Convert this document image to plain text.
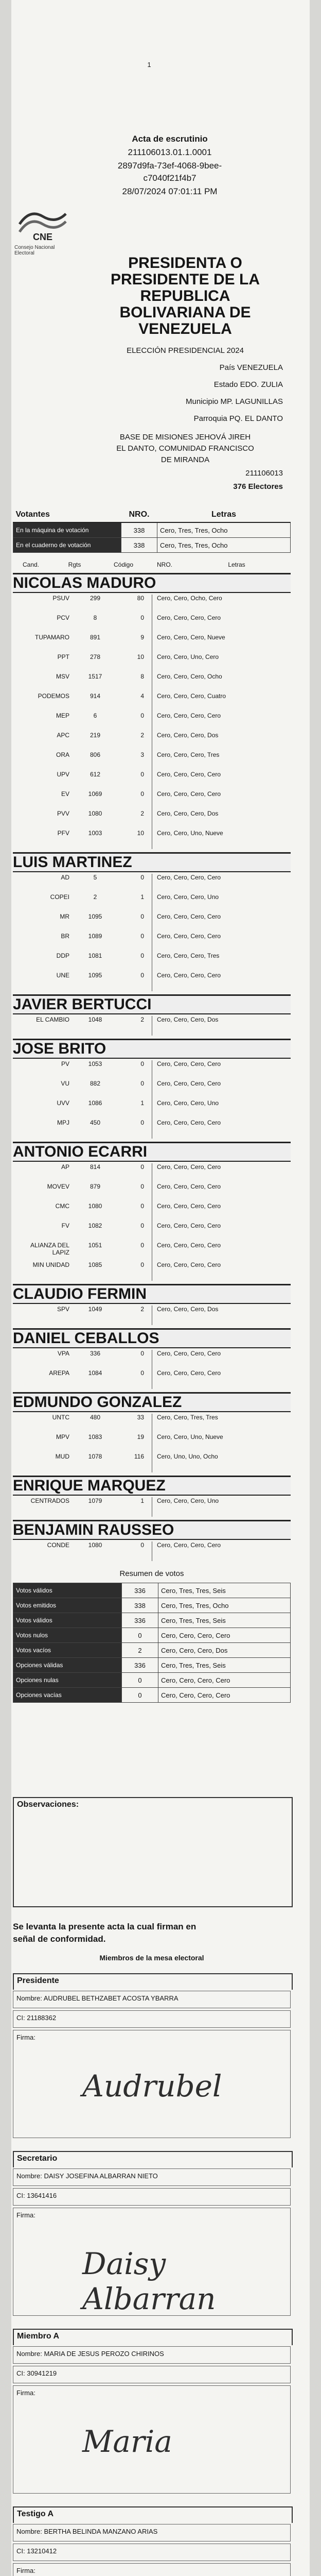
1
Acta de escrutinio
211106013.01.1.0001
2897d9fa-73ef-4068-9bee-
c7040f21f4b7
28/07/2024 07:01:11 PM
CNE
Consejo Nacional Electoral
PRESIDENTA O
PRESIDENTE DE LA
REPUBLICA
BOLIVARIANA DE
VENEZUELA
ELECCIÓN PRESIDENCIAL 2024
País VENEZUELA
Estado EDO. ZULIA
Municipio MP. LAGUNILLAS
Parroquia PQ. EL DANTO
BASE DE MISIONES JEHOVÁ JIREH
EL DANTO, COMUNIDAD FRANCISCO
DE MIRANDA
211106013
376 Electores
Votantes	NRO.	Letras
En la máquina de votación	338	Cero, Tres, Tres, Ocho
En el cuaderno de votación	338	Cero, Tres, Tres, Ocho
Cand.	Rgts	Código	NRO.	Letras
NICOLAS MADURO
PSUV	299	80 Cero, Cero, Ocho, Cero
PCV	8	0 Cero, Cero, Cero, Cero
TUPAMARO	891	9 Cero, Cero, Cero, Nueve
PPT	278	10 Cero, Cero, Uno, Cero
MSV	1517	8 Cero, Cero, Cero, Ocho
PODEMOS	914	4 Cero, Cero, Cero, Cuatro
MEP	6	0 Cero, Cero, Cero, Cero
APC	219	2 Cero, Cero, Cero, Dos
ORA	806	3 Cero, Cero, Cero, Tres
UPV	612	0 Cero, Cero, Cero, Cero
EV	1069	0 Cero, Cero, Cero, Cero
PVV	1080	2 Cero, Cero, Cero, Dos
PFV	1003	10 Cero, Cero, Uno, Nueve
LUIS MARTINEZ
AD	5	0 Cero, Cero, Cero, Cero
COPEI	2	1 Cero, Cero, Cero, Uno
MR	1095	0 Cero, Cero, Cero, Cero
BR	1089	0 Cero, Cero, Cero, Cero
DDP	1081	0 Cero, Cero, Cero, Tres
UNE	1095	0 Cero, Cero, Cero, Cero
JAVIER BERTUCCI
EL CAMBIO	1048	2 Cero, Cero, Cero, Dos
JOSE BRITO
PV	1053	0 Cero, Cero, Cero, Cero
VU	882	0 Cero, Cero, Cero, Cero
UVV	1086	1 Cero, Cero, Cero, Uno
MPJ	450	0 Cero, Cero, Cero, Cero
ANTONIO ECARRI
AP	814	0 Cero, Cero, Cero, Cero
MOVEV	879	0 Cero, Cero, Cero, Cero
CMC	1080	0 Cero, Cero, Cero, Cero
FV	1082	0 Cero, Cero, Cero, Cero
ALIANZA DEL LAPIZ
1051	0 Cero, Cero, Cero, Cero
MIN UNIDAD	1085	0 Cero, Cero, Cero, Cero
CLAUDIO FERMIN
SPV	1049	2 Cero, Cero, Cero, Dos
DANIEL CEBALLOS
VPA	336	0 Cero, Cero, Cero, Cero
AREPA	1084	0 Cero, Cero, Cero, Cero
EDMUNDO GONZALEZ
UNTC	480	33 Cero, Cero, Tres, Tres
MPV	1083	19 Cero, Cero, Uno, Nueve
MUD	1078	116 Cero, Uno, Uno, Ocho
ENRIQUE MARQUEZ
CENTRADOS	1079	1 Cero, Cero, Cero, Uno
BENJAMIN RAUSSEO
CONDE	1080	0 Cero, Cero, Cero, Cero
Resumen de votos
Votos válidos	336	Cero, Tres, Tres, Seis
Votos emitidos	338	Cero, Tres, Tres, Ocho
Votos válidos	336	Cero, Tres, Tres, Seis
Votos nulos	0	Cero, Cero, Cero, Cero
Votos vacíos	2	Cero, Cero, Cero, Dos
Opciones válidas	336	Cero, Tres, Tres, Seis
Opciones nulas	0	Cero, Cero, Cero, Cero
Opciones vacías	0	Cero, Cero, Cero, Cero
Observaciones:
Se levanta la presente acta la cual firman en
señal de conformidad.
Miembros de la mesa electoral
Presidente
Nombre: AUDRUBEL BETHZABET ACOSTA YBARRA
CI: 21188362
Firma:
Audrubel
Secretario
Nombre: DAISY JOSEFINA ALBARRAN NIETO
CI: 13641416
Firma:
Daisy Albarran
Miembro A
Nombre: MARIA DE JESUS PEROZO CHIRINOS
CI: 30941219
Firma:
Maria
Testigo A
Nombre: BERTHA BELINDA MANZANO ARIAS
CI: 13210412
Firma:
